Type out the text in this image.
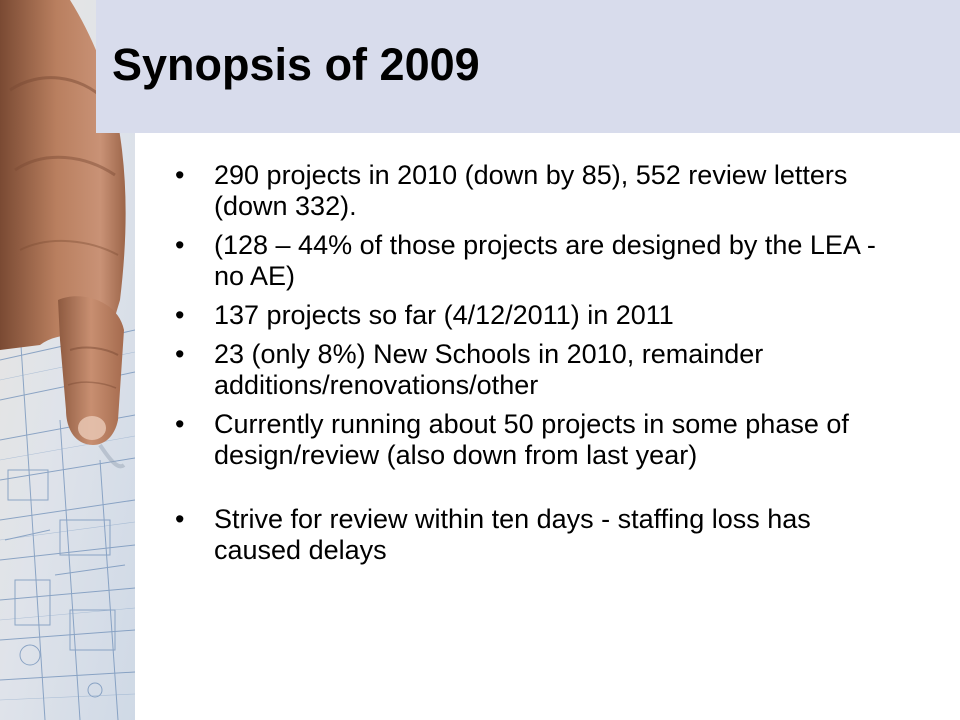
Synopsis of 2009
•	290 projects in 2010 (down by 85), 552 review letters (down 332).
•	(128 – 44% of those projects are designed by the LEA - no AE)
•	137 projects so far (4/12/2011) in 2011
•	23 (only 8%) New Schools in 2010, remainder additions/renovations/other
•	Currently running about 50 projects in some phase of design/review (also down from last year)
•	Strive for review within ten days - staffing loss has caused delays
